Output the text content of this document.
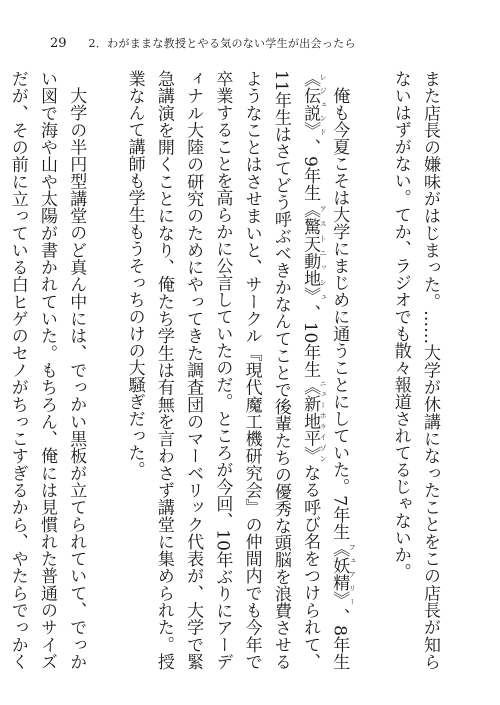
29 2．わがままな教授とやる気のない学生が出会ったら

また店長の嫌味がはじまった。……大学が休講になったことをこの店長が知らないはずがない。てか、ラジオでも散々報道されてるじゃないか。

俺も今夏こそは大学にまじめに通うことにしていた。7年生《妖精》 フェアリー、8年生《伝説》 レジェンド、9年生《驚天動地》 アストニッシュ、10年生《新地平》 ニューホライゾンなる呼び名をつけられて、11年生はさてどう呼ぶべきかなんてことで後輩たちの優秀な頭脳を浪費させるようなことはさせまいと、サークル『現代魔工機研究会』の仲間内でも今年で卒業することを高らかに公言していたのだ。ところが今回、10年ぶりにアーディナル大陸の研究のためにやってきた調査団のマーベリック代表が、大学で緊急講演を開くことになり、俺たち学生は有無を言わさず講堂に集められた。授業なんて講師も学生もうそっちのけの大騒ぎだった。

大学の半円型講堂のど真ん中には、でっかい黒板が立てられていて、でっかい図で海や山や太陽が書かれていた。もちろん、俺には見慣れた普通のサイズだが、その前に立っている白ヒゲのセノがちっこすぎるから、やたらでっかく
